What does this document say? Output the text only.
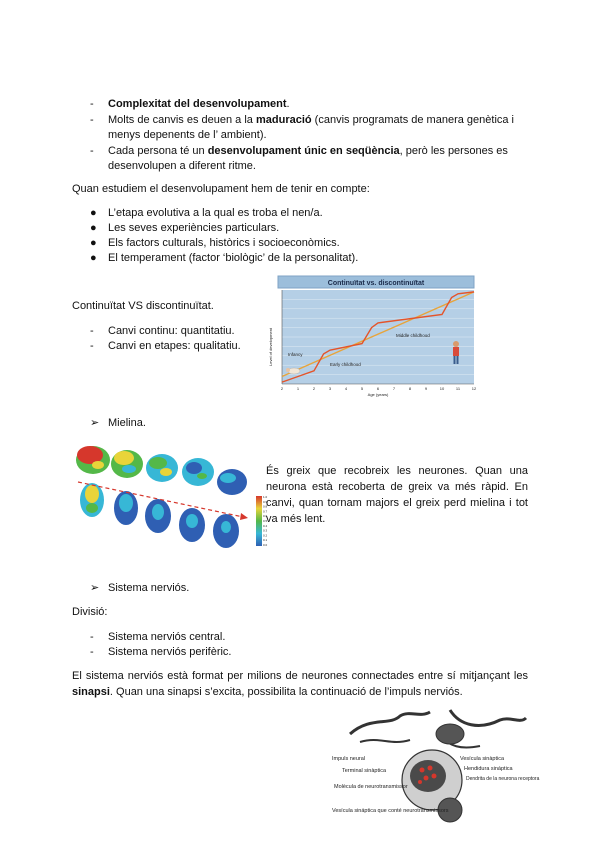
- Complexitat del desenvolupament.
- Molts de canvis es deuen a la maduració (canvis programats de manera genètica i
menys depenents de l’ ambient).
- Cada persona té un desenvolupament únic en seqüència, però les persones es
desenvolupen a diferent ritme.
Quan estudiem el desenvolupament hem de tenir en compte:
● L’etapa evolutiva a la qual es troba el nen/a.
● Les seves experiències particulars.
● Els factors culturals, històrics i socioeconòmics.
● El temperament (factor ‘biològic’ de la personalitat).
Continuïtat VS discontinuïtat.
- Canvi continu: quantitatiu.
- Canvi en etapes: qualitatiu.
Continuïtat vs. discontinuïtat
Level of development
Age (years)
2	1	2	3	4	5	6	7	8	9	10	11	12
Infancy
Early childhood
Middle childhood
➢ Mielina.
1.0
0.9
0.8
0.7
0.6
0.5
0.4
0.3
0.2
0.1
0.0
És greix que recobreix les neurones. Quan una neurona està recoberta de greix va més ràpid. En canvi, quan tornam majors el greix perd mielina i tot va més lent.
➢ Sistema nerviós.
Divisió:
- Sistema nerviós central.
- Sistema nerviós perifèric.
El sistema nerviós està format per milions de neurones connectades entre sí mitjançant les sinapsi. Quan una sinapsi s’excita, possibilita la continuació de l’impuls nerviós.
Impuls neural
Terminal sinàptica
Molècula de neurotransmissor
Vesícula sináptica que conté neurotransmissors
Vesícula sinàptica
Hendidura sináptica
Dendrita de la neurona receptora
